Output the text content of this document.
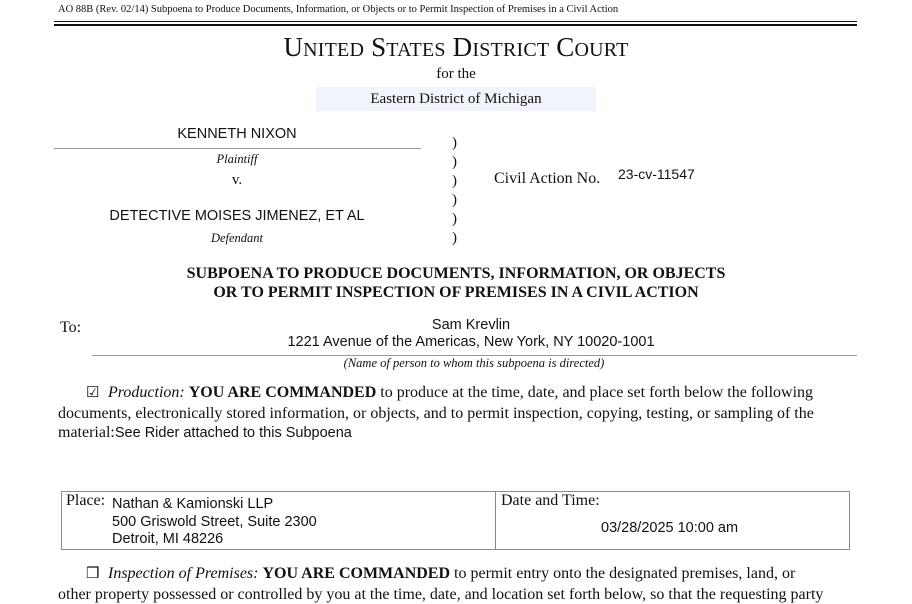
AO 88B (Rev. 02/14) Subpoena to Produce Documents, Information, or Objects or to Permit Inspection of Premises in a Civil Action
UNITED STATES DISTRICT COURT
for the
Eastern District of Michigan
KENNETH NIXON
Plaintiff
v.
DETECTIVE MOISES JIMENEZ, ET AL
Defendant
)
)
)
)
)
)
Civil Action No. 23-cv-11547
SUBPOENA TO PRODUCE DOCUMENTS, INFORMATION, OR OBJECTS
OR TO PERMIT INSPECTION OF PREMISES IN A CIVIL ACTION
To:	Sam Krevlin
1221 Avenue of the Americas, New York, NY 10020-1001
(Name of person to whom this subpoena is directed)
☑ Production: YOU ARE COMMANDED to produce at the time, date, and place set forth below the following
documents, electronically stored information, or objects, and to permit inspection, copying, testing, or sampling of the
material:See Rider attached to this Subpoena
Place: Nathan & Kamionski LLP
500 Griswold Street, Suite 2300
Detroit, MI 48226
Date and Time:
03/28/2025 10:00 am
❒ Inspection of Premises: YOU ARE COMMANDED to permit entry onto the designated premises, land, or
other property possessed or controlled by you at the time, date, and location set forth below, so that the requesting party
